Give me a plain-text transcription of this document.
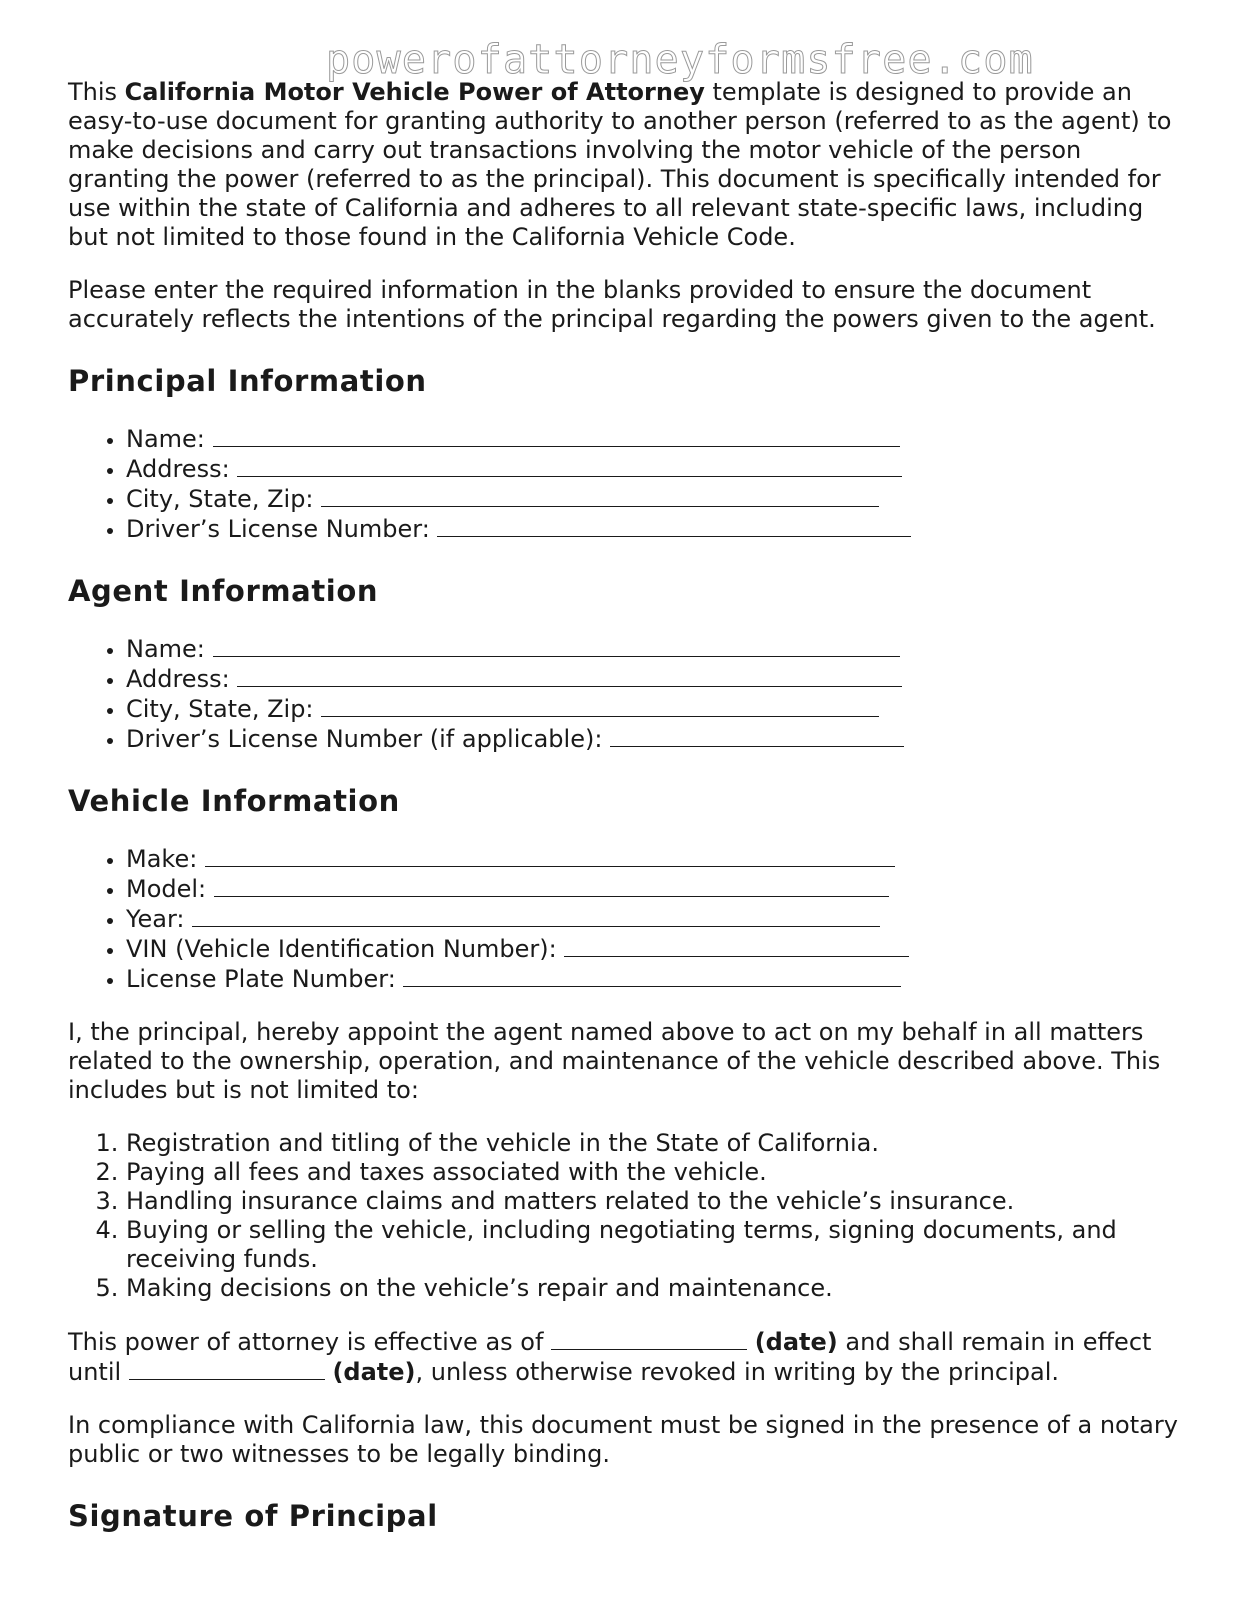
powerofattorneyformsfree.com

This California Motor Vehicle Power of Attorney template is designed to provide an easy-to-use document for granting authority to another person (referred to as the agent) to make decisions and carry out transactions involving the motor vehicle of the person granting the power (referred to as the principal). This document is specifically intended for use within the state of California and adheres to all relevant state-specific laws, including but not limited to those found in the California Vehicle Code.

Please enter the required information in the blanks provided to ensure the document accurately reflects the intentions of the principal regarding the powers given to the agent.

Principal Information
• Name:
• Address:
• City, State, Zip:
• Driver’s License Number:
Agent Information
• Name:
• Address:
• City, State, Zip:
• Driver’s License Number (if applicable):
Vehicle Information
• Make:
• Model:
• Year:
• VIN (Vehicle Identification Number):
• License Plate Number:

I, the principal, hereby appoint the agent named above to act on my behalf in all matters related to the ownership, operation, and maintenance of the vehicle described above. This includes but is not limited to:

1. Registration and titling of the vehicle in the State of California.
2. Paying all fees and taxes associated with the vehicle.
3. Handling insurance claims and matters related to the vehicle’s insurance.
4. Buying or selling the vehicle, including negotiating terms, signing documents, and receiving funds.
5. Making decisions on the vehicle’s repair and maintenance.

This power of attorney is effective as of	(date) and shall remain in effect until	(date), unless otherwise revoked in writing by the principal.

In compliance with California law, this document must be signed in the presence of a notary public or two witnesses to be legally binding.

Signature of Principal
